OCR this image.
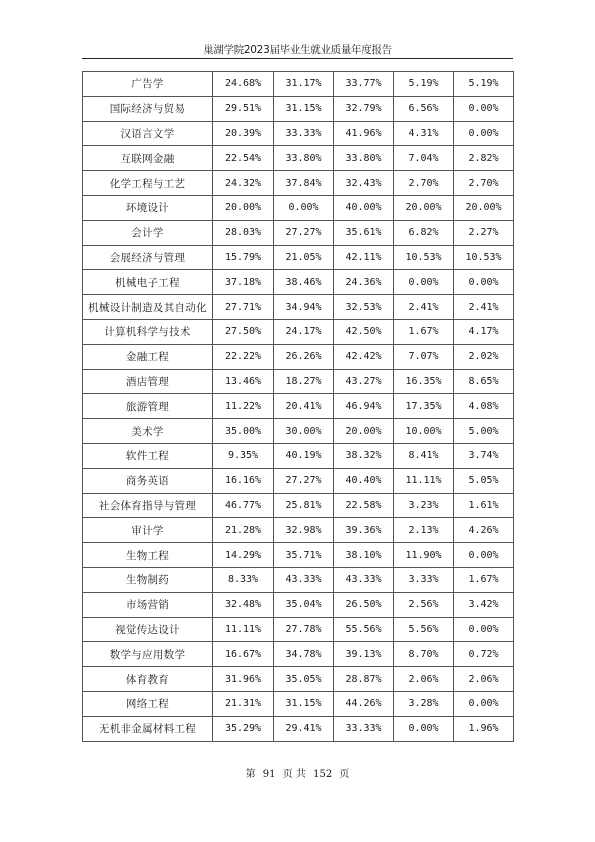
巢湖学院2023届毕业生就业质量年度报告
广告学	24.68%	31.17%	33.77%	5.19%	5.19%
国际经济与贸易	29.51%	31.15%	32.79%	6.56%	0.00%
汉语言文学	20.39%	33.33%	41.96%	4.31%	0.00%
互联网金融	22.54%	33.80%	33.80%	7.04%	2.82%
化学工程与工艺	24.32%	37.84%	32.43%	2.70%	2.70%
环境设计	20.00%	0.00%	40.00%	20.00%	20.00%
会计学	28.03%	27.27%	35.61%	6.82%	2.27%
会展经济与管理	15.79%	21.05%	42.11%	10.53%	10.53%
机械电子工程	37.18%	38.46%	24.36%	0.00%	0.00%
机械设计制造及其自动化	27.71%	34.94%	32.53%	2.41%	2.41%
计算机科学与技术	27.50%	24.17%	42.50%	1.67%	4.17%
金融工程	22.22%	26.26%	42.42%	7.07%	2.02%
酒店管理	13.46%	18.27%	43.27%	16.35%	8.65%
旅游管理	11.22%	20.41%	46.94%	17.35%	4.08%
美术学	35.00%	30.00%	20.00%	10.00%	5.00%
软件工程	9.35%	40.19%	38.32%	8.41%	3.74%
商务英语	16.16%	27.27%	40.40%	11.11%	5.05%
社会体育指导与管理	46.77%	25.81%	22.58%	3.23%	1.61%
审计学	21.28%	32.98%	39.36%	2.13%	4.26%
生物工程	14.29%	35.71%	38.10%	11.90%	0.00%
生物制药	8.33%	43.33%	43.33%	3.33%	1.67%
市场营销	32.48%	35.04%	26.50%	2.56%	3.42%
视觉传达设计	11.11%	27.78%	55.56%	5.56%	0.00%
数学与应用数学	16.67%	34.78%	39.13%	8.70%	0.72%
体育教育	31.96%	35.05%	28.87%	2.06%	2.06%
网络工程	21.31%	31.15%	44.26%	3.28%	0.00%
无机非金属材料工程	35.29%	29.41%	33.33%	0.00%	1.96%
第 91 页 共 152 页
